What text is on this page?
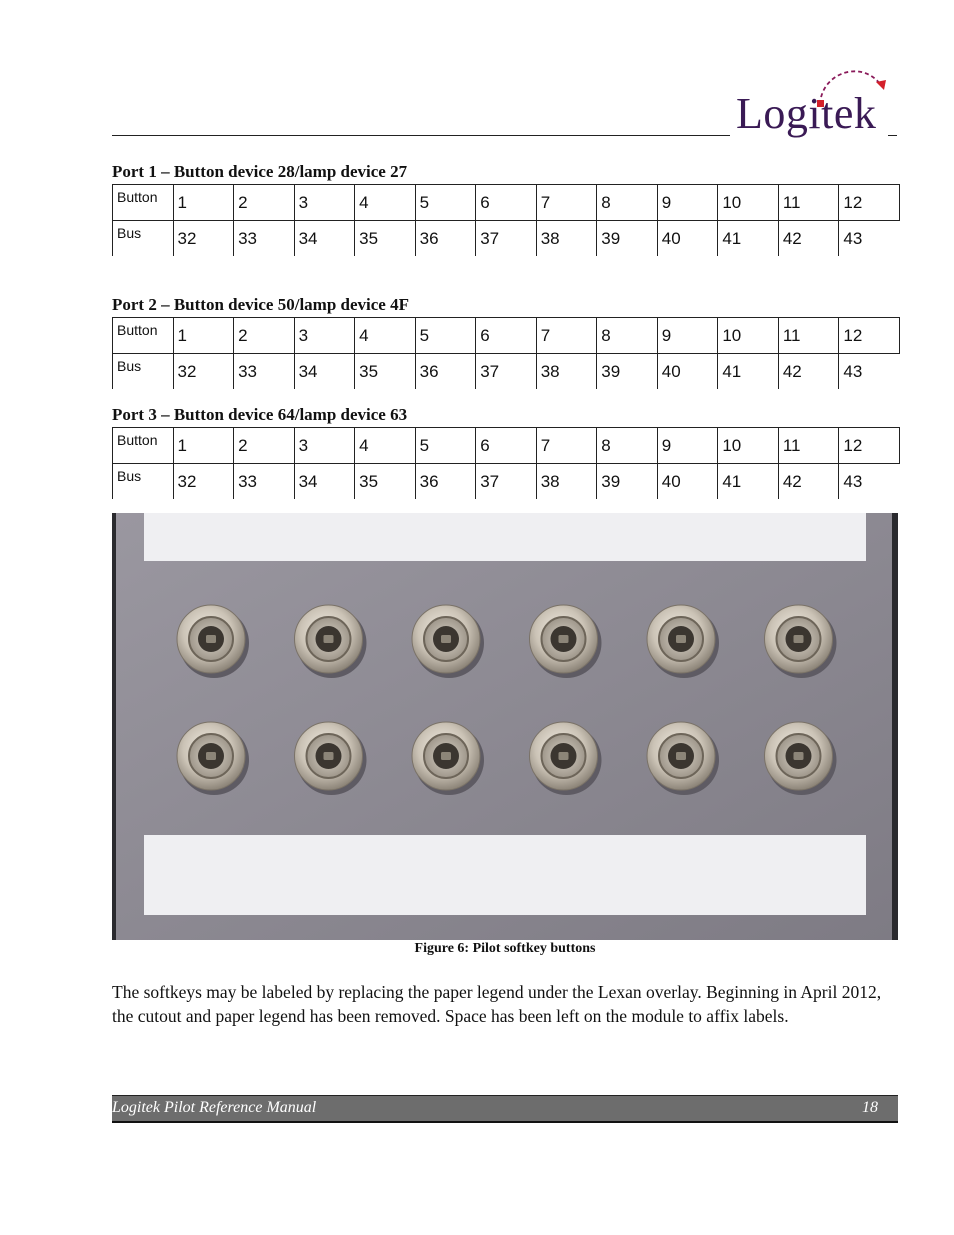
Logitek
Port 1 – Button device 28/lamp device 27
Button	1	2	3	4	5	6	7	8	9	10	11	12
Bus	32	33	34	35	36	37	38	39	40	41	42	43
Port 2 – Button device 50/lamp device 4F
Button	1	2	3	4	5	6	7	8	9	10	11	12
Bus	32	33	34	35	36	37	38	39	40	41	42	43
Port 3 – Button device 64/lamp device 63
Button	1	2	3	4	5	6	7	8	9	10	11	12
Bus	32	33	34	35	36	37	38	39	40	41	42	43
Figure 6: Pilot softkey buttons

The softkeys may be labeled by replacing the paper legend under the Lexan overlay. Beginning in April 2012, the cutout and paper legend has been removed. Space has been left on the module to affix labels.

Logitek Pilot Reference Manual	18
